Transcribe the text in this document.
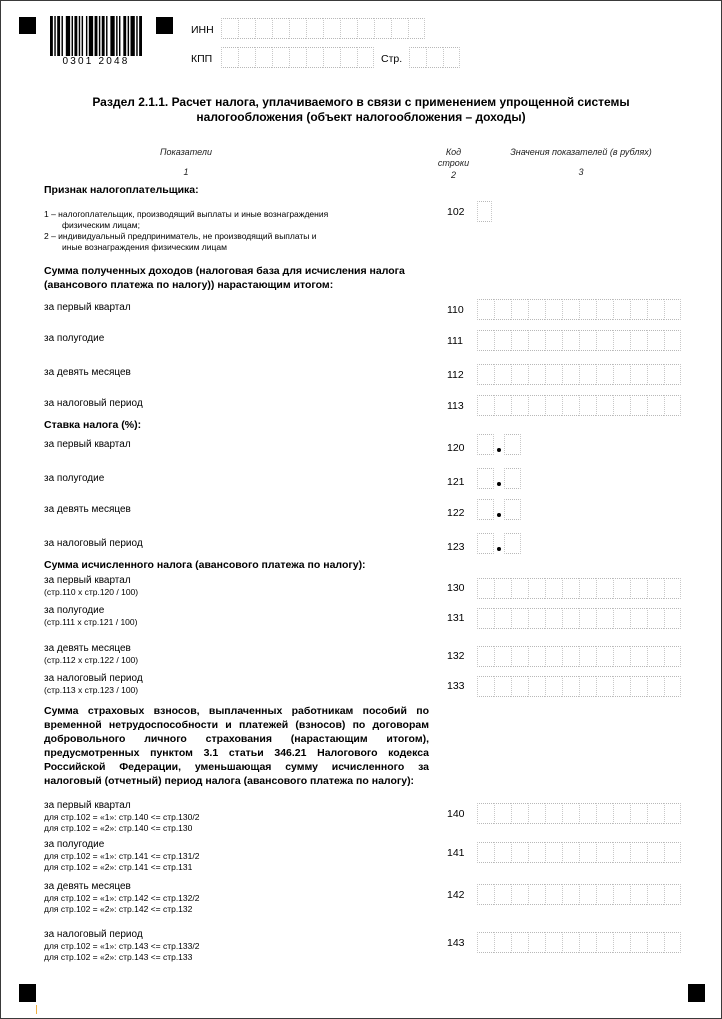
0301 2048
ИНН
КПП	Стр.
Раздел 2.1.1. Расчет налога, уплачиваемого в связи с применением упрощенной системы
налогообложения (объект налогообложения – доходы)
Показатели
1
Код
строки
2
Значения показателей (в рублях)
3
Признак налогоплательщика:
1 – налогоплательщик, производящий выплаты и иные вознаграждения
физическим лицам;
2 – индивидуальный предприниматель, не производящий выплаты и
иные вознаграждения физическим лицам
102
Сумма полученных доходов (налоговая база для исчисления налога
(авансового платежа по налогу)) нарастающим итогом:
Ставка налога (%):
Сумма исчисленного налога (авансового платежа по налогу):
Сумма страховых взносов, выплаченных работникам пособий по временной нетрудоспособности и платежей (взносов) по договорам добровольного личного страхования (нарастающим итогом), предусмотренных пунктом 3.1 статьи 346.21 Налогового кодекса Российской Федерации, уменьшающая сумму исчисленного за налоговый (отчетный) период налога (авансового платежа по налогу):
за первый квартал	110
за полугодие	111
за девять месяцев	112
за налоговый период	113
за первый квартал	120
за полугодие	121
за девять месяцев	122
за налоговый период	123
за первый квартал
(стр.110 х стр.120 / 100)	130
за полугодие
(стр.111 х стр.121 / 100)	131
за девять месяцев
(стр.112 х стр.122 / 100)	132
за налоговый период
(стр.113 х стр.123 / 100)	133
за первый квартал
для стр.102 = «1»: стр.140 <= стр.130/2
для стр.102 = «2»: стр.140 <= стр.130
140
за полугодие
для стр.102 = «1»: стр.141 <= стр.131/2
для стр.102 = «2»: стр.141 <= стр.131
141
за девять месяцев
для стр.102 = «1»: стр.142 <= стр.132/2
для стр.102 = «2»: стр.142 <= стр.132
142
за налоговый период
для стр.102 = «1»: стр.143 <= стр.133/2
для стр.102 = «2»: стр.143 <= стр.133
143
